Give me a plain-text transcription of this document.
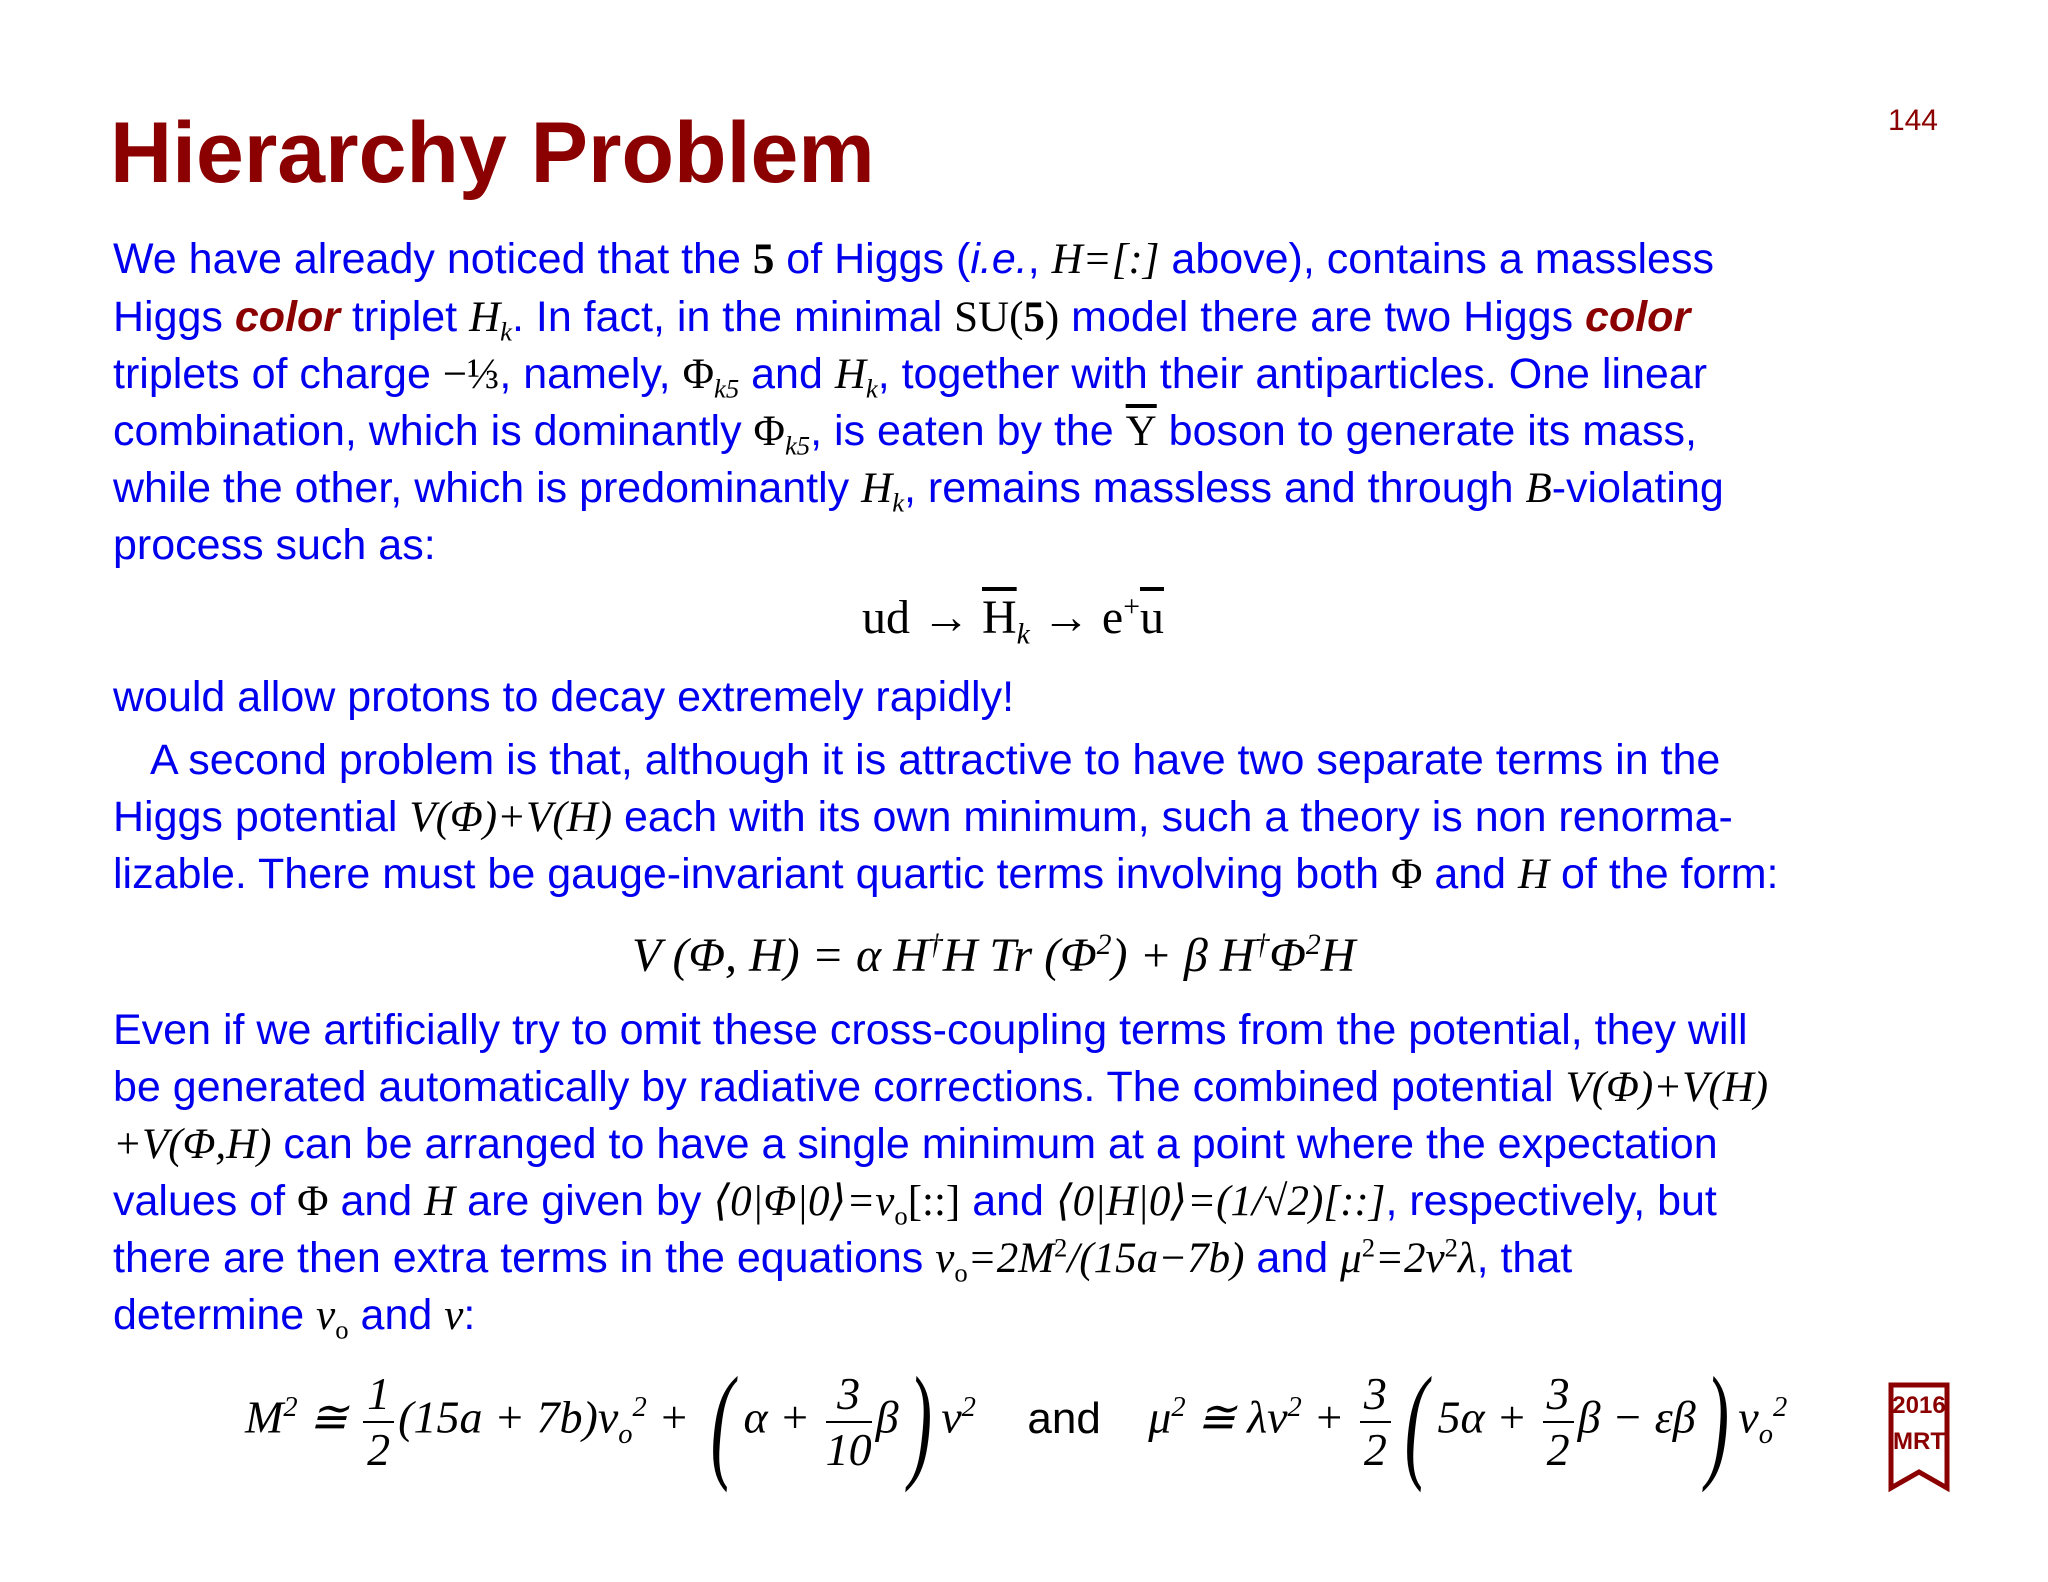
144
Hierarchy Problem
We have already noticed that the 5 of Higgs (i.e., H=[:] above), contains a massless
Higgs color triplet $H_k$. In fact, in the minimal SU(5) model there are two Higgs color
triplets of charge −⅓, namely, $\Phi_{k5}$ and $H_k$, together with their antiparticles. One linear
combination, which is dominantly $\Phi_{k5}$, is eaten by the $\overline{Y}$ boson to generate its mass,
while the other, which is predominantly $H_k$, remains massless and through B-violating
process such as:
ud → $\overline{H}_k \to e^+\overline{u}$
would allow protons to decay extremely rapidly!
A second problem is that, although it is attractive to have two separate terms in the
Higgs potential V(Φ)+V(H) each with its own minimum, such a theory is non renorma-
lizable. There must be gauge-invariant quartic terms involving both Φ and H of the form:
V (Φ, H) = α H†H Tr $(\Phi^2) + \beta$ $H^\dagger\Phi^2H$
Even if we artificially try to omit these cross-coupling terms from the potential, they will
be generated automatically by radiative corrections. The combined potential V(Φ)+V(H)
+V(Φ,H) can be arranged to have a single minimum at a point where the expectation
values of Φ and H are given by $⟨0|\Phi|0⟩=v_o[::]$ and ⟨0|H|0⟩=(1/√2)[::], respectively, but
there are then extra terms in the equations $v_o=2M^2/(15a-7b)$ and $\mu^2=2v^2\lambda$, that
determine $v_o$ and v:
$M^2$ ≅ $\frac{1}{2} (15a + 7b)v_o^2$ + ( $\alpha + \frac{3}{10} \beta$) $v^2$ and $\mu^2$ ≅ $\lambda v^2 + \frac{3}{2}$ ( $5\alpha + \frac{3}{2}$ β − εβ) $v_o^2$	2016
MRT
